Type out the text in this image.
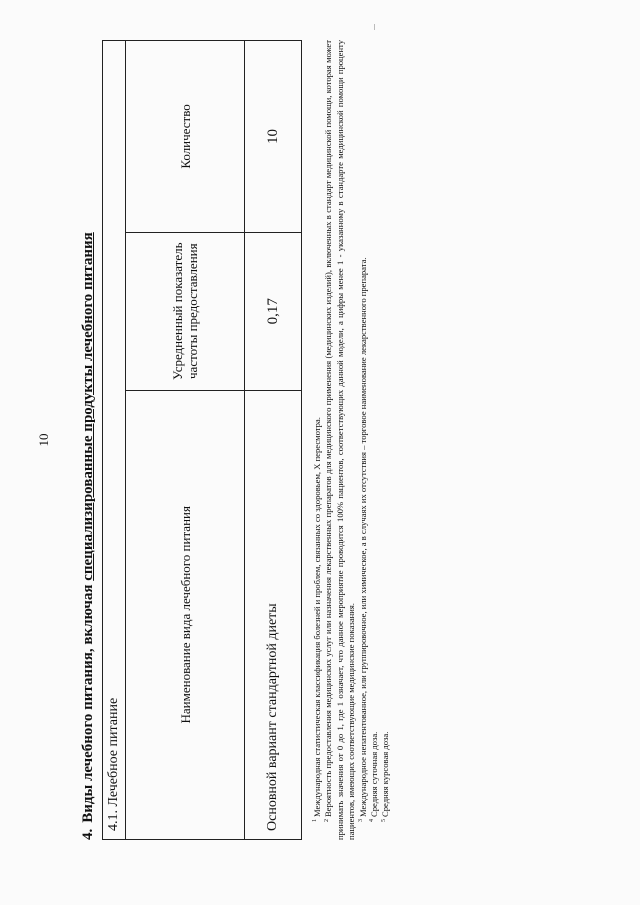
10
4.Виды лечебного питания, включая специализированные продукты лечебного питания
4.1. Лечебное питание		
Наименование вида лечебного питания	Усредненный показатель частоты предоставления	Количество
Основной вариант стандартной диеты	0,17	10

$^1$Международная статистическая классификация болезней и проблем, связанных со здоровьем, X пересмотра.

$^2$Вероятность предоставления медицинских услуг или назначения лекарственных препаратов для медицинского применения (медицинских изделий), включенных в стандарт медицинской помощи, которая может принимать значения от 0 до 1, где 1 означает, что данное мероприятие проводится 100% пациентов, соответствующих данной модели, а цифры менее 1 - указанному в стандарте медицинской помощи проценту пациентов, имеющих соответствующие медицинские показания. $^3$Международное непатентованное, или группировочное, или химическое, а в случаях их отсутствия – торговое наименование лекарственного препарата.

$^4$Средняя суточная доза.

$^5$Средняя курсовая доза.
